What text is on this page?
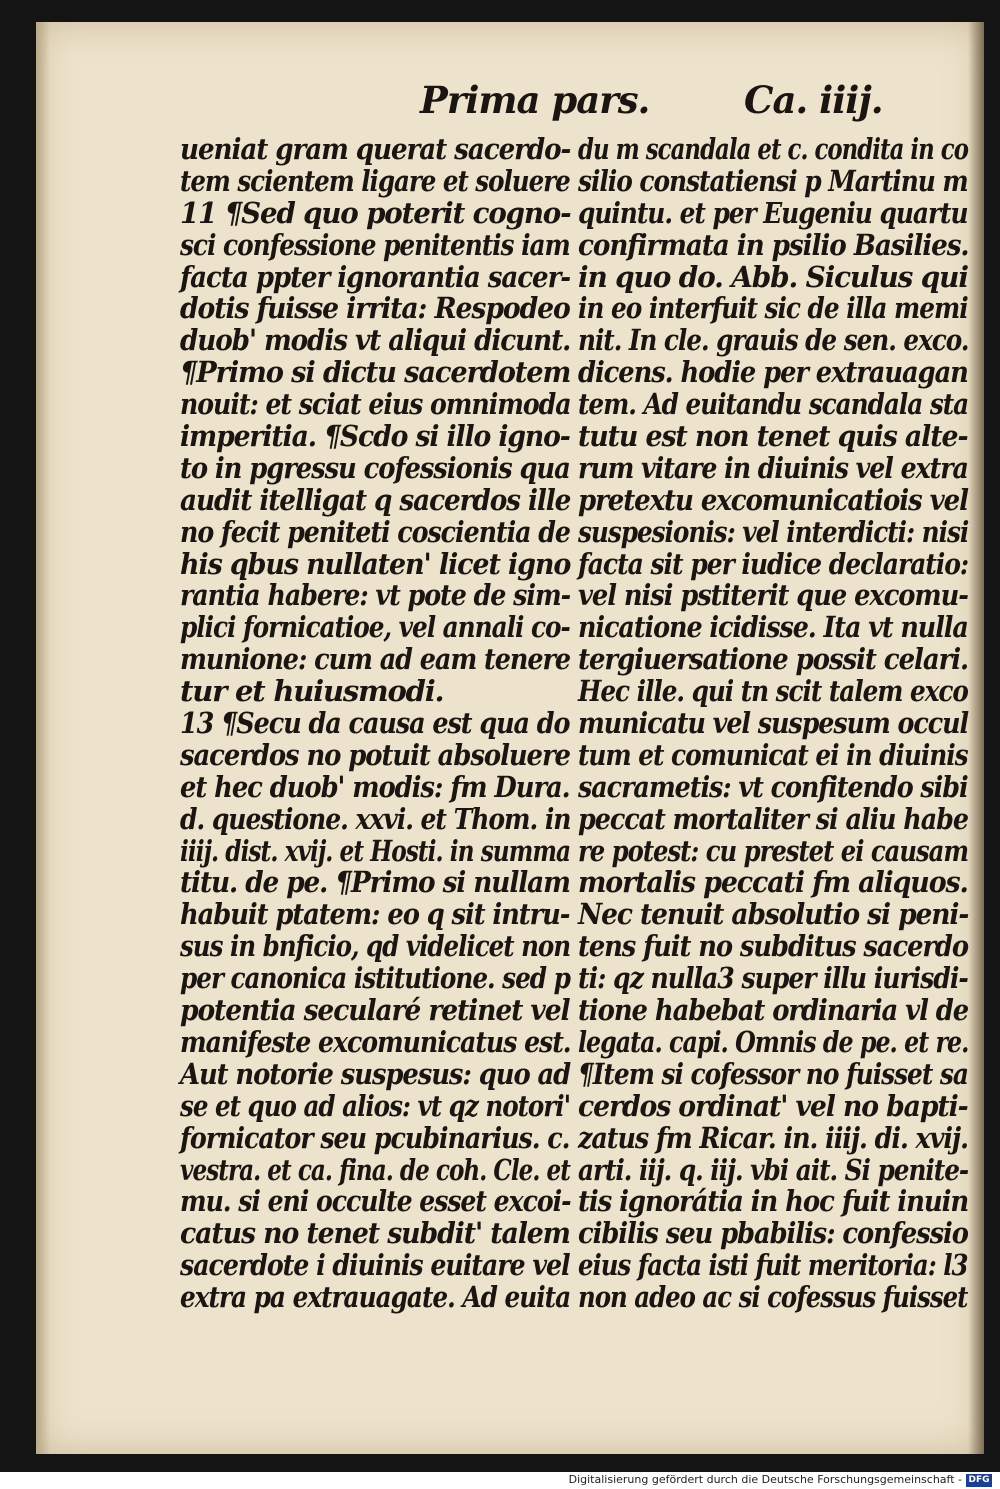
Prima pars.	Ca. iiij.
ueniat gram querat sacerdo-
tem scientem ligare et soluere
11 ¶Sed quo poterit cogno-
sci confessione penitentis iam
facta ppter ignorantia sacer-
dotis fuisse irrita: Respodeo
duob' modis vt aliqui dicunt.
¶Primo si dictu sacerdotem
nouit: et sciat eius omnimoda
imperitia. ¶Scdo si illo igno-
to in pgressu cofessionis qua
audit itelligat q sacerdos ille
no fecit peniteti coscientia de
his qbus nullaten' licet igno
rantia habere: vt pote de sim-
plici fornicatioe, vel annali co-
munione: cum ad eam tenere
tur et huiusmodi.
13 ¶Secu da causa est qua do
sacerdos no potuit absoluere
et hec duob' modis: fm Dura.
d. questione. xxvi. et Thom. in
iiij. dist. xvij. et Hosti. in summa
titu. de pe. ¶Primo si nullam
habuit ptatem: eo q sit intru-
sus in bnficio, qd videlicet non
per canonica istitutione. sed p
potentia secularé retinet vel
manifeste excomunicatus est.
Aut notorie suspesus: quo ad
se et quo ad alios: vt qz notori'
fornicator seu pcubinarius. c.
vestra. et ca. fina. de coh. Cle. et
mu. si eni occulte esset excoi-
catus no tenet subdit' talem
sacerdote i diuinis euitare vel
extra pa extrauagate. Ad euita
du m scandala et c. condita in co
silio constatiensi p Martinu m
quintu. et per Eugeniu quartu
confirmata in psilio Basilies.
in quo do. Abb. Siculus qui
in eo interfuit sic de illa memi
nit. In cle. grauis de sen. exco.
dicens. hodie per extrauagan
tem. Ad euitandu scandala sta
tutu est non tenet quis alte-
rum vitare in diuinis vel extra
pretextu excomunicatiois vel
suspesionis: vel interdicti: nisi
facta sit per iudice declaratio:
vel nisi pstiterit que excomu-
nicatione icidisse. Ita vt nulla
tergiuersatione possit celari.
Hec ille. qui tn scit talem exco
municatu vel suspesum occul
tum et comunicat ei in diuinis
sacrametis: vt confitendo sibi
peccat mortaliter si aliu habe
re potest: cu prestet ei causam
mortalis peccati fm aliquos.
Nec tenuit absolutio si peni-
tens fuit no subditus sacerdo
ti: qz nulla3 super illu iurisdi-
tione habebat ordinaria vl de
legata. capi. Omnis de pe. et re.
¶Item si cofessor no fuisset sa
cerdos ordinat' vel no bapti-
zatus fm Ricar. in. iiij. di. xvij.
arti. iij. q. iij. vbi ait. Si penite-
tis ignorátia in hoc fuit inuin
cibilis seu pbabilis: confessio
eius facta isti fuit meritoria: l3
non adeo ac si cofessus fuisset
Digitalisierung gefördert durch die Deutsche Forschungsgemeinschaft - DFG
